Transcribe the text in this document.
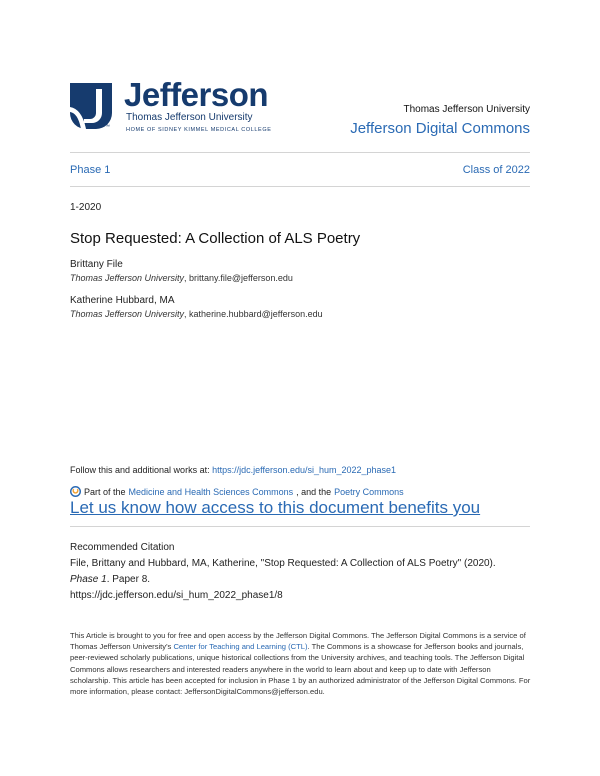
Jefferson
Thomas Jefferson University
HOME OF SIDNEY KIMMEL MEDICAL COLLEGE
™
Thomas Jefferson University
Jefferson Digital Commons
Phase 1	Class of 2022
1-2020
Stop Requested: A Collection of ALS Poetry
Brittany File
Thomas Jefferson University, brittany.file@jefferson.edu
Katherine Hubbard, MA
Thomas Jefferson University, katherine.hubbard@jefferson.edu
Follow this and additional works at: https://jdc.jefferson.edu/si_hum_2022_phase1
Part of the Medicine and Health Sciences Commons , and the Poetry Commons
Let us know how access to this document benefits you
Recommended Citation
File, Brittany and Hubbard, MA, Katherine, "Stop Requested: A Collection of ALS Poetry" (2020).
Phase 1. Paper 8.
https://jdc.jefferson.edu/si_hum_2022_phase1/8
This Article is brought to you for free and open access by the Jefferson Digital Commons. The Jefferson Digital Commons is a service of Thomas Jefferson University's Center for Teaching and Learning (CTL). The Commons is a showcase for Jefferson books and journals, peer-reviewed scholarly publications, unique historical collections from the University archives, and teaching tools. The Jefferson Digital Commons allows researchers and interested readers anywhere in the world to learn about and keep up to date with Jefferson scholarship. This article has been accepted for inclusion in Phase 1 by an authorized administrator of the Jefferson Digital Commons. For more information, please contact: JeffersonDigitalCommons@jefferson.edu.
